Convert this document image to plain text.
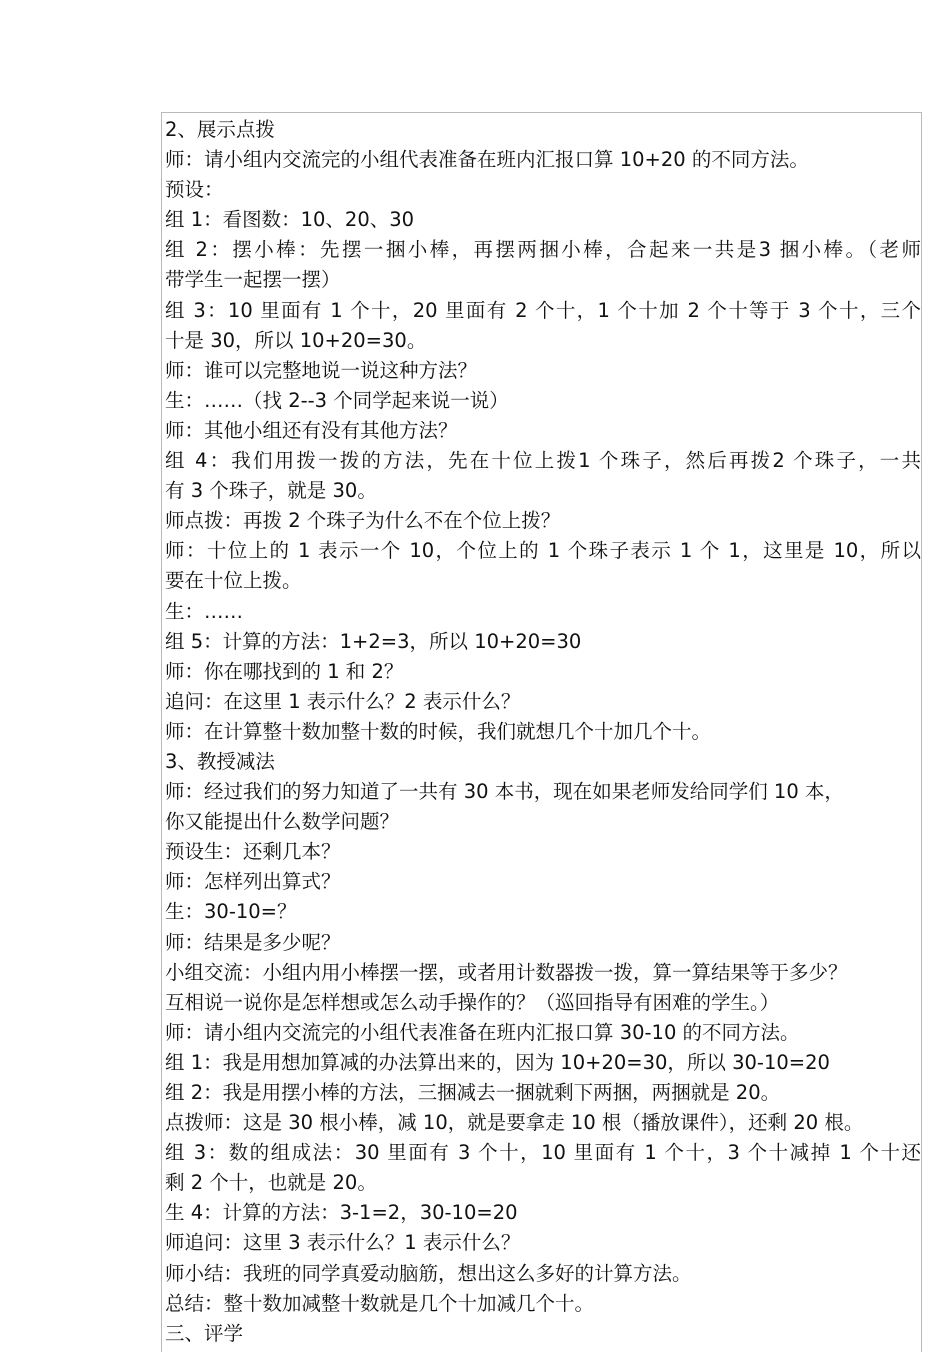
2、展示点拨
师：请小组内交流完的小组代表准备在班内汇报口算 10+20 的不同方法。
预设：
组 1：看图数：10、20、30
组 2：摆小棒：先摆一捆小棒，再摆两捆小棒，合起来一共是3 捆小棒。（老师
带学生一起摆一摆）
组 3：10 里面有 1 个十，20 里面有 2 个十，1 个十加 2 个十等于 3 个十，三个
十是 30，所以 10+20=30。
师：谁可以完整地说一说这种方法？
生：……（找 2--3 个同学起来说一说）
师：其他小组还有没有其他方法？
组 4：我们用拨一拨的方法，先在十位上拨1 个珠子，然后再拨2 个珠子，一共
有 3 个珠子，就是 30。
师点拨：再拨 2 个珠子为什么不在个位上拨？
师：十位上的 1 表示一个 10，个位上的 1 个珠子表示 1 个 1，这里是 10，所以
要在十位上拨。
生：……
组 5：计算的方法：1+2=3，所以 10+20=30
师：你在哪找到的 1 和 2？
追问：在这里 1 表示什么？2 表示什么？
师：在计算整十数加整十数的时候，我们就想几个十加几个十。
3、教授减法
师：经过我们的努力知道了一共有 30 本书，现在如果老师发给同学们 10 本，
你又能提出什么数学问题？
预设生：还剩几本？
师：怎样列出算式？
生：30-10=？
师：结果是多少呢？
小组交流：小组内用小棒摆一摆，或者用计数器拨一拨，算一算结果等于多少？
互相说一说你是怎样想或怎么动手操作的？（巡回指导有困难的学生。）
师：请小组内交流完的小组代表准备在班内汇报口算 30-10 的不同方法。
组 1：我是用想加算减的办法算出来的，因为 10+20=30，所以 30-10=20
组 2：我是用摆小棒的方法，三捆减去一捆就剩下两捆，两捆就是 20。
点拨师：这是 30 根小棒，减 10，就是要拿走 10 根（播放课件），还剩 20 根。
组 3：数的组成法：30 里面有 3 个十，10 里面有 1 个十，3 个十减掉 1 个十还
剩 2 个十，也就是 20。
生 4：计算的方法：3-1=2，30-10=20
师追问：这里 3 表示什么？1 表示什么？
师小结：我班的同学真爱动脑筋，想出这么多好的计算方法。
总结：整十数加减整十数就是几个十加减几个十。
三、评学
